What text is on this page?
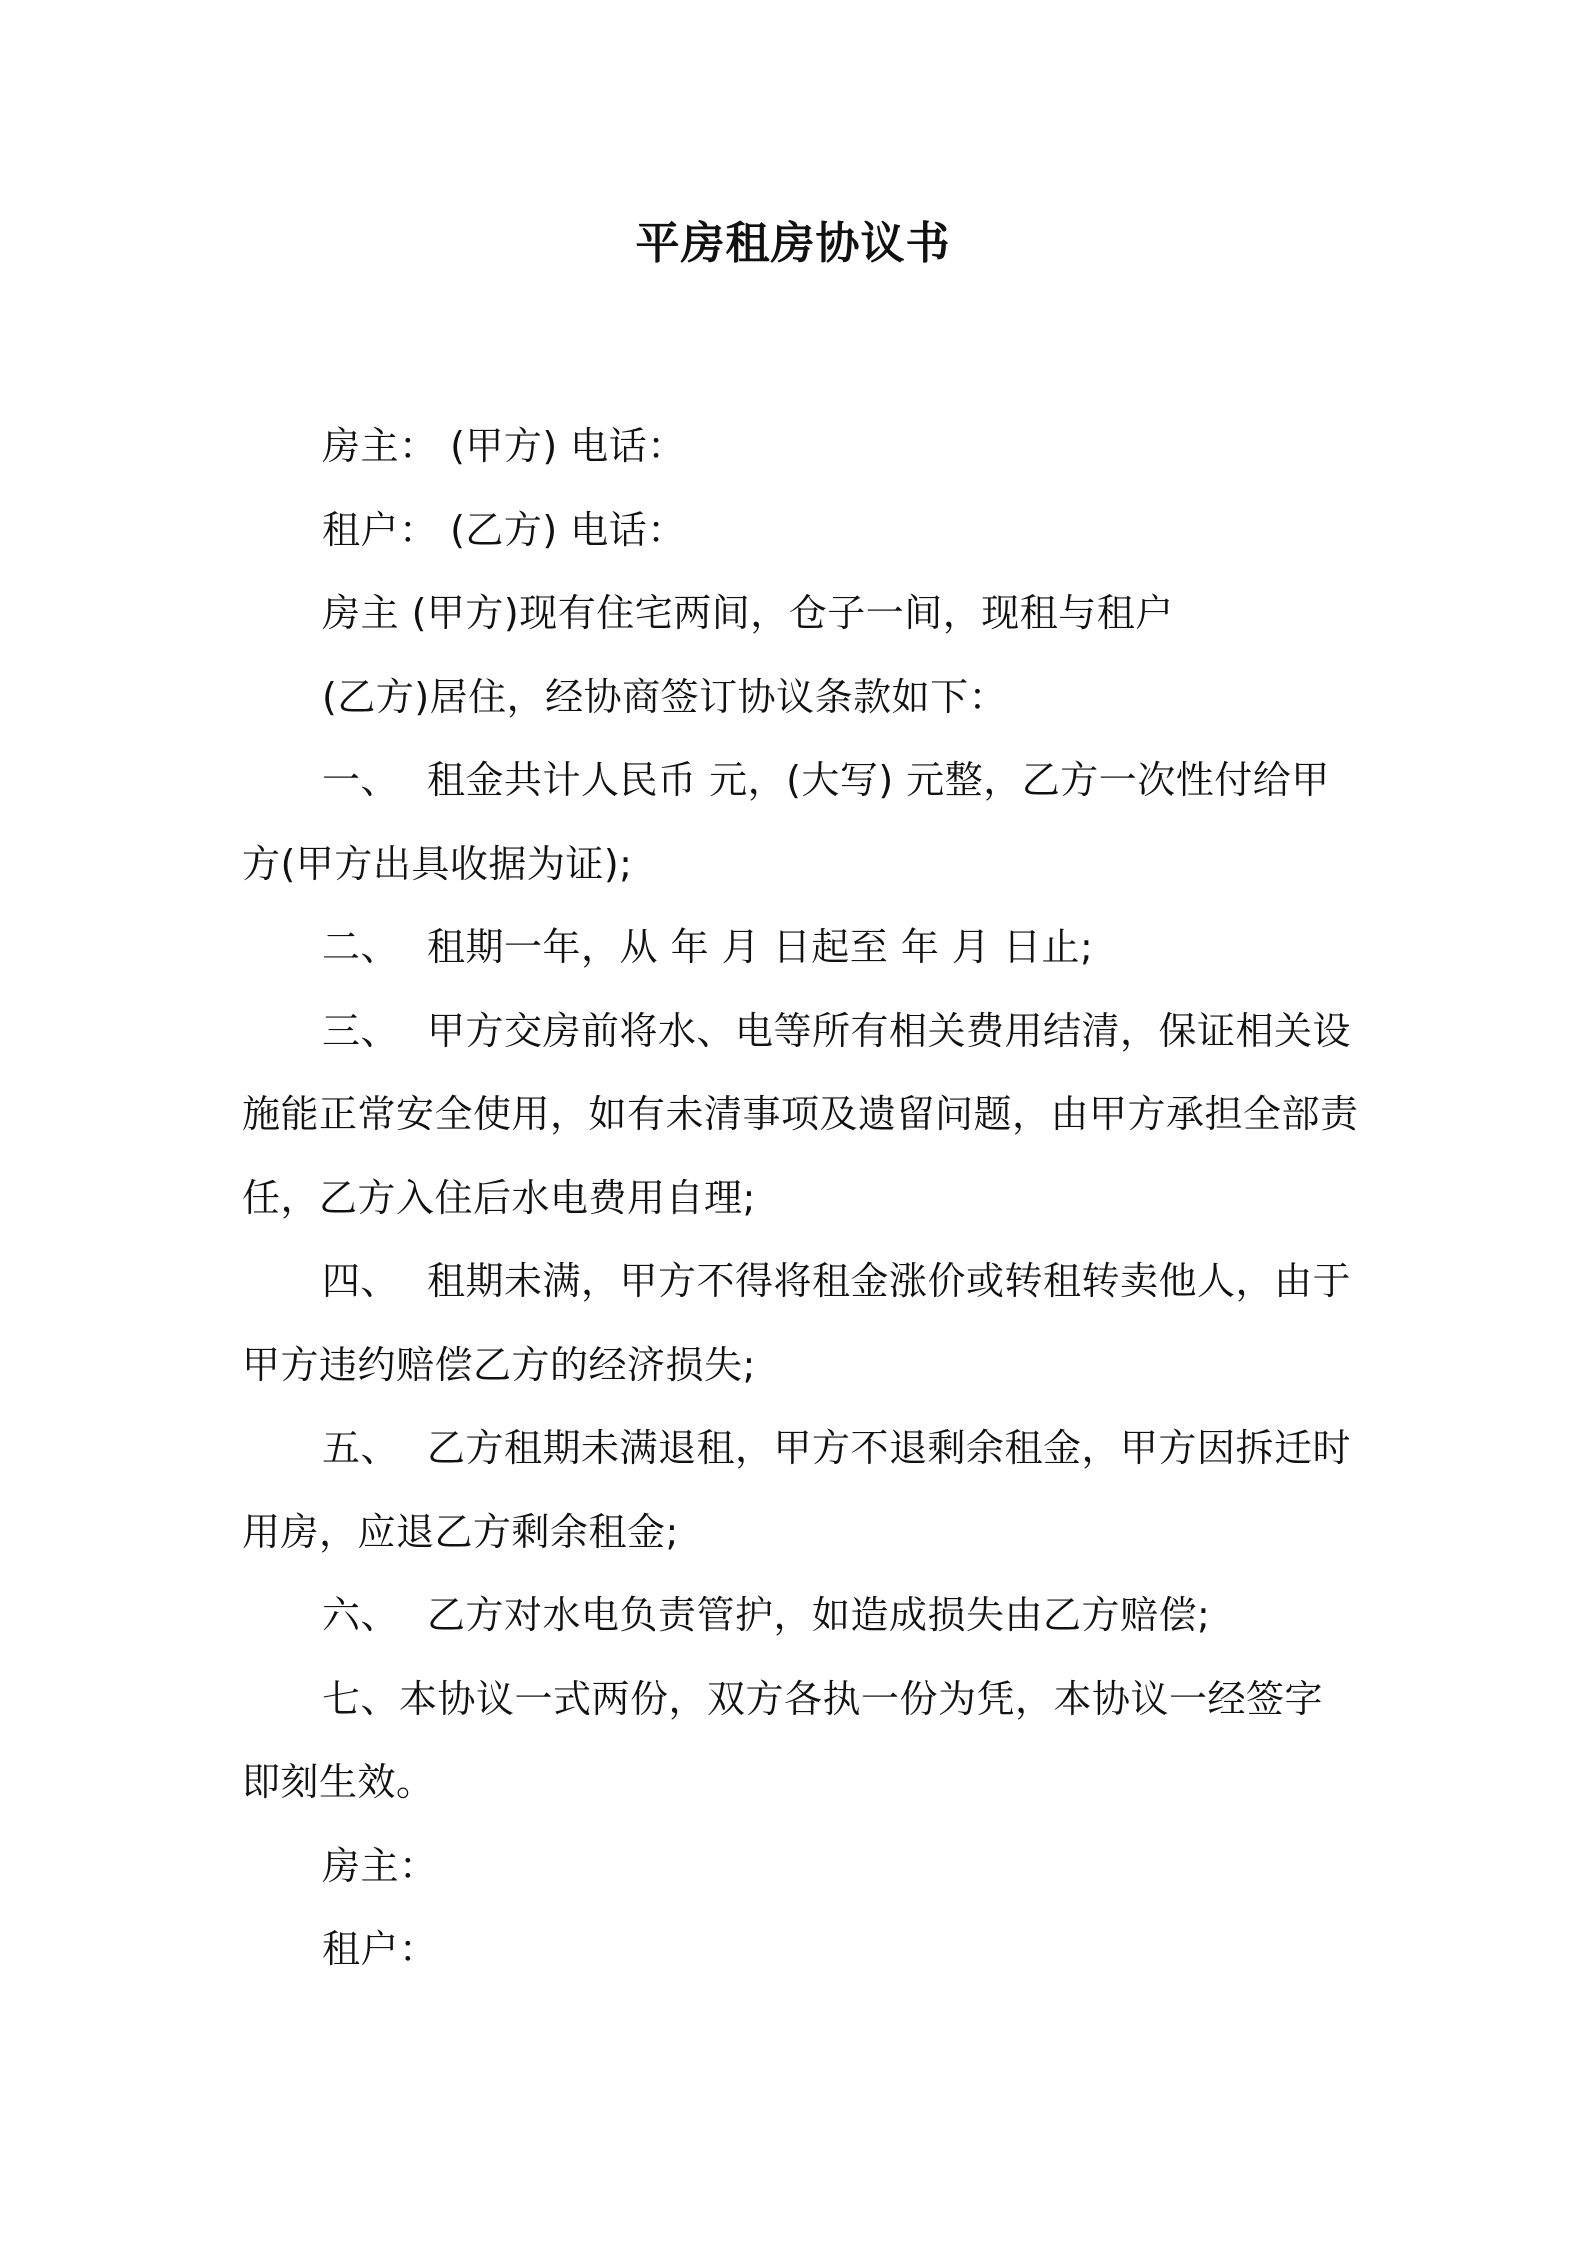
平房租房协议书

房主： (甲方) 电话：

租户： (乙方) 电话：

房主 (甲方)现有住宅两间，仓子一间，现租与租户

(乙方)居住，经协商签订协议条款如下：

一、 租金共计人民币 元，(大写) 元整，乙方一次性付给甲方(甲方出具收据为证);

二、 租期一年，从 年 月 日起至 年 月 日止;

三、 甲方交房前将水、电等所有相关费用结清，保证相关设施能正常安全使用，如有未清事项及遗留问题，由甲方承担全部责任，乙方入住后水电费用自理;

四、 租期未满，甲方不得将租金涨价或转租转卖他人，由于甲方违约赔偿乙方的经济损失;

五、 乙方租期未满退租，甲方不退剩余租金，甲方因拆迁时用房，应退乙方剩余租金;

六、 乙方对水电负责管护，如造成损失由乙方赔偿;

七、本协议一式两份，双方各执一份为凭，本协议一经签字即刻生效。

房主：

租户：
